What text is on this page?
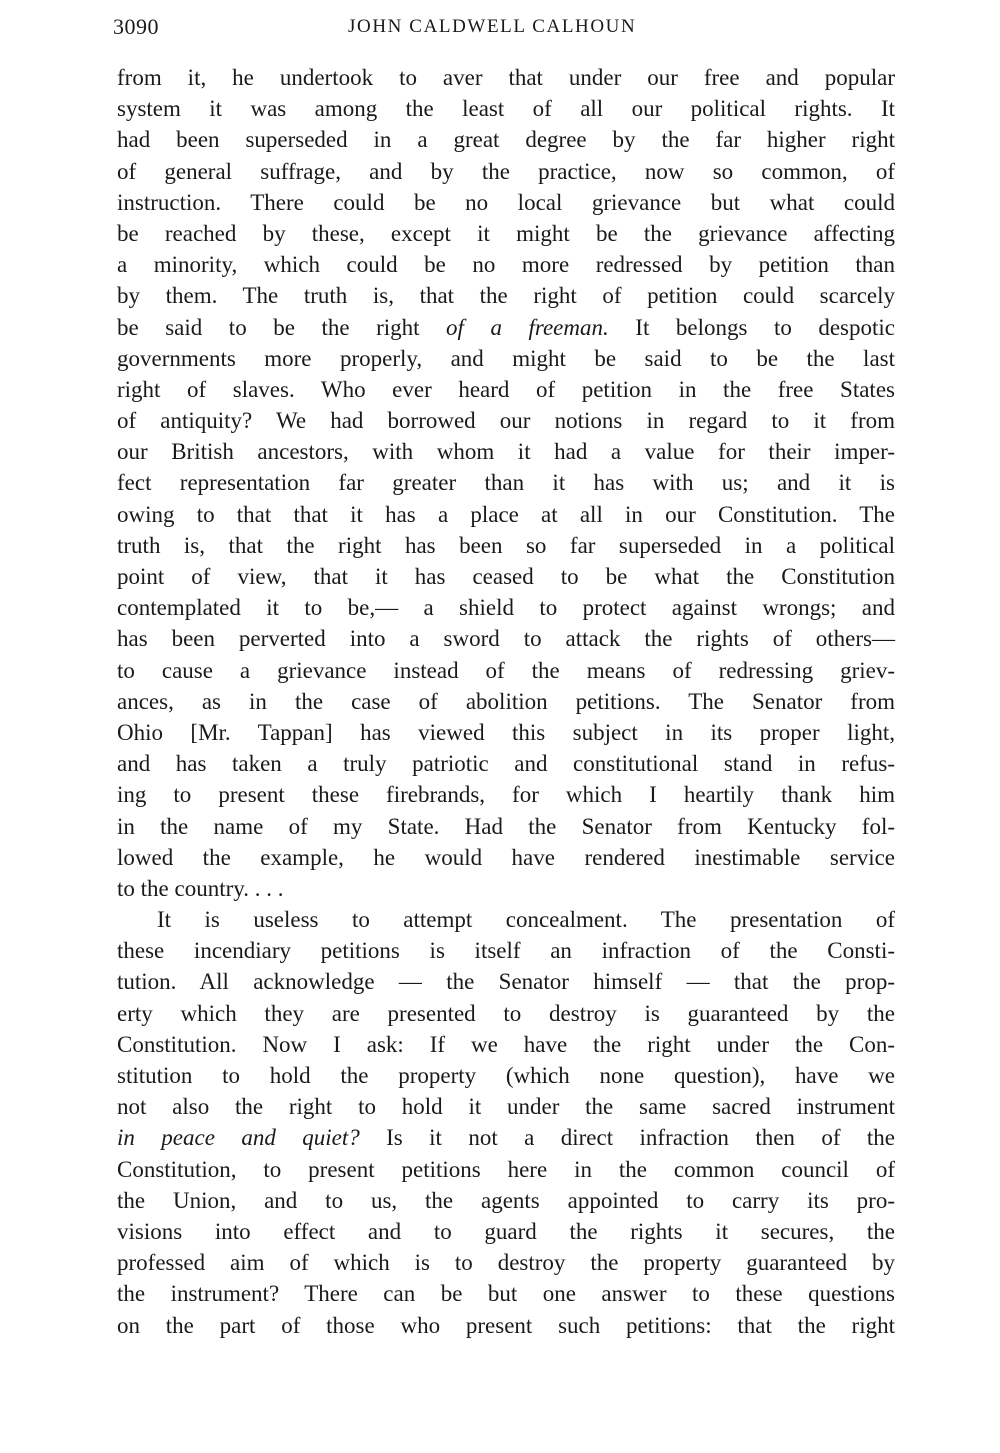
3090	JOHN CALDWELL CALHOUN
from it, he undertook to aver that under our free and popular
system it was among the least of all our political rights. It
had been superseded in a great degree by the far higher right
of general suffrage, and by the practice, now so common, of
instruction. There could be no local grievance but what could
be reached by these, except it might be the grievance affecting
a minority, which could be no more redressed by petition than
by them. The truth is, that the right of petition could scarcely
be said to be the right of a freeman. It belongs to despotic
governments more properly, and might be said to be the last
right of slaves. Who ever heard of petition in the free States
of antiquity? We had borrowed our notions in regard to it from
our British ancestors, with whom it had a value for their imper-
fect representation far greater than it has with us; and it is
owing to that that it has a place at all in our Constitution. The
truth is, that the right has been so far superseded in a political
point of view, that it has ceased to be what the Constitution
contemplated it to be,— a shield to protect against wrongs; and
has been perverted into a sword to attack the rights of others—
to cause a grievance instead of the means of redressing griev-
ances, as in the case of abolition petitions. The Senator from
Ohio [Mr. Tappan] has viewed this subject in its proper light,
and has taken a truly patriotic and constitutional stand in refus-
ing to present these firebrands, for which I heartily thank him
in the name of my State. Had the Senator from Kentucky fol-
lowed the example, he would have rendered inestimable service
to the country. . . .
It is useless to attempt concealment. The presentation of
these incendiary petitions is itself an infraction of the Consti-
tution. All acknowledge — the Senator himself — that the prop-
erty which they are presented to destroy is guaranteed by the
Constitution. Now I ask: If we have the right under the Con-
stitution to hold the property (which none question), have we
not also the right to hold it under the same sacred instrument
in peace and quiet? Is it not a direct infraction then of the
Constitution, to present petitions here in the common council of
the Union, and to us, the agents appointed to carry its pro-
visions into effect and to guard the rights it secures, the
professed aim of which is to destroy the property guaranteed by
the instrument? There can be but one answer to these questions
on the part of those who present such petitions: that the right
